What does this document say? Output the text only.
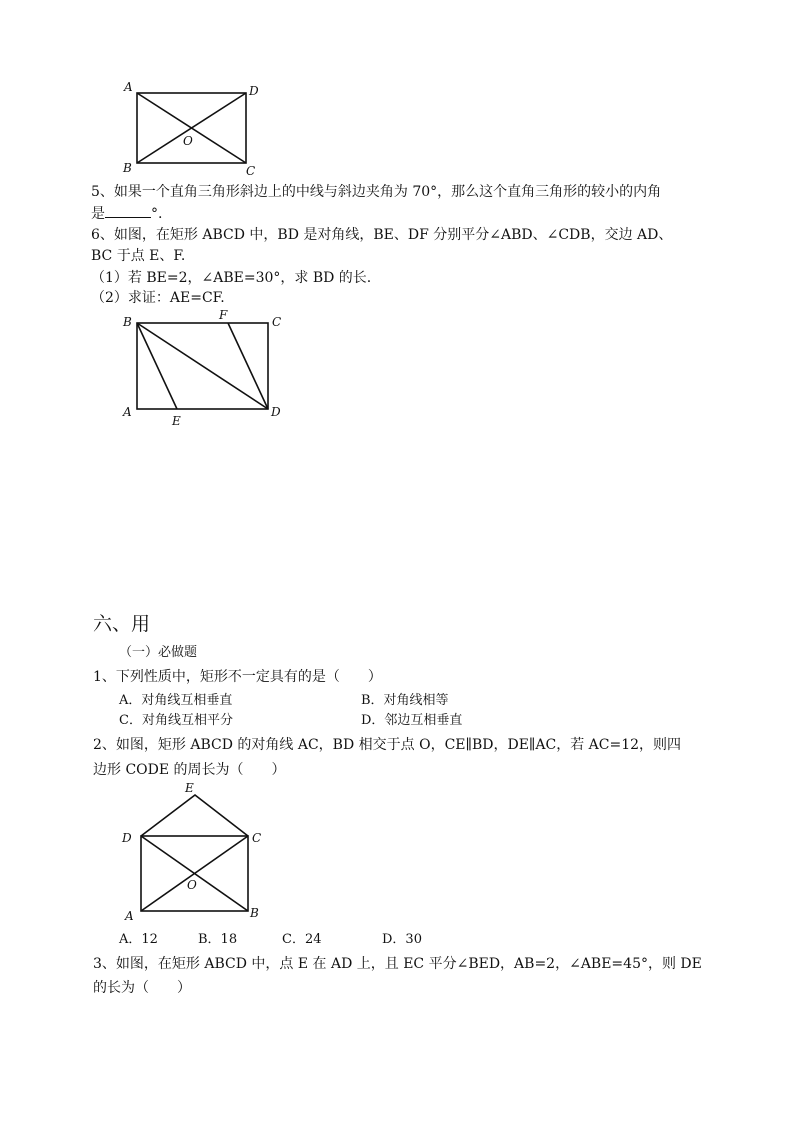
A	D
O
B	C
B	F	C
A
E
D
E
D	C
O
A	B
5、如果一个直角三角形斜边上的中线与斜边夹角为 70°，那么这个直角三角形的较小的内角
是	°.
6、如图，在矩形 ABCD 中，BD 是对角线，BE、DF 分别平分∠ABD、∠CDB，交边 AD、
BC 于点 E、F.
（1）若 BE=2，∠ABE=30°，求 BD 的长.
（2）求证：AE=CF.
六、用
（一）必做题
1、下列性质中，矩形不一定具有的是（　　）
A．对角线互相垂直	B．对角线相等
C．对角线互相平分	D．邻边互相垂直
2、如图，矩形 ABCD 的对角线 AC，BD 相交于点 O，CE∥BD，DE∥AC，若 AC=12，则四
边形 CODE 的周长为（　　）
A．12	B．18	C．24	D．30
3、如图，在矩形 ABCD 中，点 E 在 AD 上，且 EC 平分∠BED，AB=2，∠ABE=45°，则 DE
的长为（　　）
